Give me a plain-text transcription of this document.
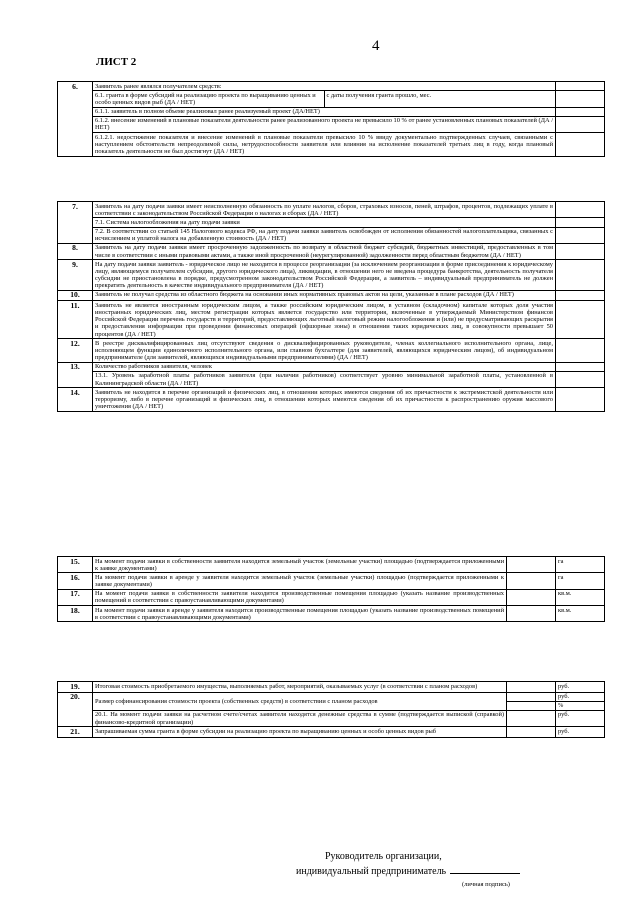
4
ЛИСТ 2
6.	Заявитель ранее являлся получателем средств:		
	6.1. гранта в форме субсидий на реализацию проекта по выращиванию ценных и особо ценных видов рыб (ДА / НЕТ)	с даты получения гранта прошло, мес.	
	6.1.1. заявитель в полном объеме реализовал ранее реализуемый проект (ДА/НЕТ)		
	6.1.2. внесение изменений в плановые показатели деятельности ранее реализованного проекта не превысило 10 % от ранее установленных плановых показателей (ДА / НЕТ)		
	6.1.2.1. недостижение показателя и внесение изменений в плановые показатели превысило 10 % ввиду документально подтвержденных случаев, связанными с наступлением обстоятельств непреодолимой силы, нетрудоспособности заявителя или влияния на исполнение показателей третьих лиц в году, когда плановый показатель деятельности не был достигнут (ДА / НЕТ)		
7.	Заявитель на дату подачи заявки имеет неисполненную обязанность по уплате налогов, сборов, страховых взносов, пеней, штрафов, процентов, подлежащих уплате в соответствии с законодательством Российской Федерации о налогах и сборах (ДА / НЕТ)	
	7.1. Система налогообложения на дату подачи заявки	
	7.2. В соответствии со статьей 145 Налогового кодекса РФ, на дату подачи заявки заявитель освобожден от исполнения обязанностей налогоплательщика, связанных с исчислением и уплатой налога на добавленную стоимость (ДА / НЕТ)	
8.	Заявитель на дату подачи заявки имеет просроченную задолженность по возврату в областной бюджет субсидий, бюджетных инвестиций, предоставленных в том числе в соответствии с иными правовыми актами, а также иной просроченной (неурегулированной) задолженности перед областным бюджетом (ДА / НЕТ)	
9.	На дату подачи заявки заявитель - юридическое лицо не находится в процессе реорганизации (за исключением реорганизации в форме присоединения к юридическому лицу, являющемуся получателем субсидии, другого юридического лица), ликвидации, в отношении него не введена процедура банкротства, деятельность получателя субсидии не приостановлена в порядке, предусмотренном законодательством Российской Федерации, а заявитель – индивидуальный предприниматель не должен прекратить деятельность в качестве индивидуального предпринимателя (ДА / НЕТ)	
10.	Заявитель не получал средства из областного бюджета на основании иных нормативных правовых актов на цели, указанные в плане расходов (ДА / НЕТ)	
11.	Заявитель не является иностранным юридическим лицом, а также российским юридическим лицом, в уставном (складочном) капитале которых доля участия иностранных юридических лиц, местом регистрации которых является государство или территория, включенные в утверждаемый Министерством финансов Российской Федерации перечень государств и территорий, предоставляющих льготный налоговый режим налогообложения и (или) не предусматривающих раскрытия и предоставления информации при проведении финансовых операций (офшорные зоны) в отношении таких юридических лиц, в совокупности превышает 50 процентов (ДА / НЕТ)	
12.	В реестре дисквалифицированных лиц отсутствуют сведения о дисквалифицированных руководителе, членах коллегиального исполнительного органа, лице, исполняющем функции единоличного исполнительного органа, или главном бухгалтере (для заявителей, являющихся юридическим лицом), об индивидуальном предпринимателе (для заявителей, являющихся индивидуальными предпринимателями) (ДА / НЕТ)	
13.	Количество работников заявителя, человек	
	13.1. Уровень заработной платы работников заявителя (при наличии работников) соответствует уровню минимальной заработной платы, установленной в Калининградской области (ДА / НЕТ)	
14.	Заявитель не находится в перечне организаций и физических лиц, в отношении которых имеются сведения об их причастности к экстремистской деятельности или терроризму, либо в перечне организаций и физических лиц, в отношении которых имеются сведения об их причастности к распространению оружия массового уничтожения (ДА / НЕТ)	
15.	На момент подачи заявки в собственности заявителя находится земельный участок (земельные участки) площадью (подтверждается приложенными к заявке документами)		га
16.	На момент подачи заявки в аренде у заявителя находится земельный участок (земельные участки) площадью (подтверждается приложенными к заявке документами)		га
17.	На момент подачи заявки в собственности заявителя находится производственные помещения площадью (указать название производственных помещений в соответствии с правоустанавливающими документами)		кв.м.
18.	На момент подачи заявки в аренде у заявителя находится производственные помещения площадью (указать название производственных помещений в соответствии с правоустанавливающими документами)		кв.м.
19.	Итоговая стоимость приобретаемого имущества, выполняемых работ, мероприятий, оказываемых услуг (в соответствии с планом расходов)		руб.
20.	Размер софинансирования стоимости проекта (собственных средств) в соответствии с планом расходов		руб.
			%
	20.1. На момент подачи заявки на расчетном счете/счетах заявителя находятся денежные средства в сумме (подтверждается выпиской (справкой) финансово-кредитной организации)		руб.
21.	Запрашиваемая сумма гранта в форме субсидии на реализацию проекта по выращиванию ценных и особо ценных видов рыб		руб.
Руководитель организации,
индивидуальный предприниматель
(личная подпись)
